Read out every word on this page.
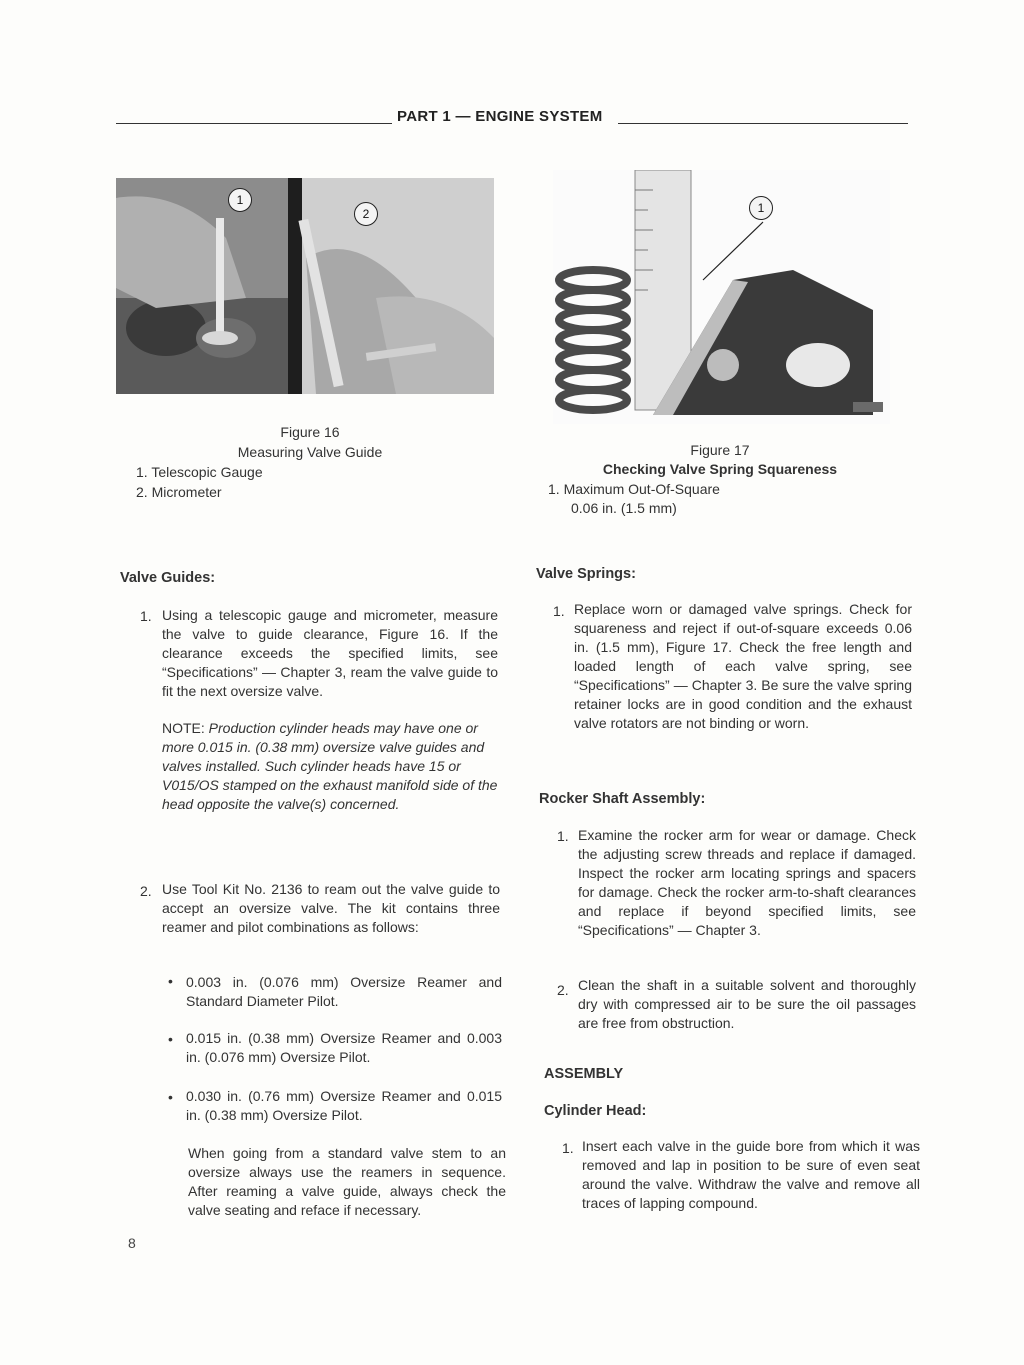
PART 1 — ENGINE SYSTEM
1
2	1
Figure 16
Measuring Valve Guide
1. Telescopic Gauge
2. Micrometer
Figure 17
Checking Valve Spring Squareness
1. Maximum Out-Of-Square
0.06 in. (1.5 mm)
Valve Guides:
1. Using a telescopic gauge and micrometer, measure the valve to guide clearance, Figure 16. If the clearance exceeds the specified limits, see “Specifications” — Chapter 3, ream the valve guide to fit the next oversize valve.
NOTE: Production cylinder heads may have one or more 0.015 in. (0.38 mm) oversize valve guides and valves installed. Such cylinder heads have 15 or V015/OS stamped on the exhaust manifold side of the head opposite the valve(s) concerned.
2. Use Tool Kit No. 2136 to ream out the valve guide to accept an oversize valve. The kit contains three reamer and pilot combinations as follows:
• 0.003 in. (0.076 mm) Oversize Reamer and Standard Diameter Pilot.
• 0.015 in. (0.38 mm) Oversize Reamer and 0.003 in. (0.076 mm) Oversize Pilot.
• 0.030 in. (0.76 mm) Oversize Reamer and 0.015 in. (0.38 mm) Oversize Pilot.
When going from a standard valve stem to an oversize always use the reamers in sequence. After reaming a valve guide, always check the valve seating and reface if necessary.
8
Valve Springs:
1. Replace worn or damaged valve springs. Check for squareness and reject if out-of-square exceeds 0.06 in. (1.5 mm), Figure 17. Check the free length and loaded length of each valve spring, see “Specifications” — Chapter 3. Be sure the valve spring retainer locks are in good condition and the exhaust valve rotators are not binding or worn.
Rocker Shaft Assembly:
1. Examine the rocker arm for wear or damage. Check the adjusting screw threads and replace if damaged. Inspect the rocker arm locating springs and spacers for damage. Check the rocker arm-to-shaft clearances and replace if beyond specified limits, see “Specifications” — Chapter 3.
2. Clean the shaft in a suitable solvent and thoroughly dry with compressed air to be sure the oil passages are free from obstruction.
ASSEMBLY
Cylinder Head:
1. Insert each valve in the guide bore from which it was removed and lap in position to be sure of even seat around the valve. Withdraw the valve and remove all traces of lapping compound.
